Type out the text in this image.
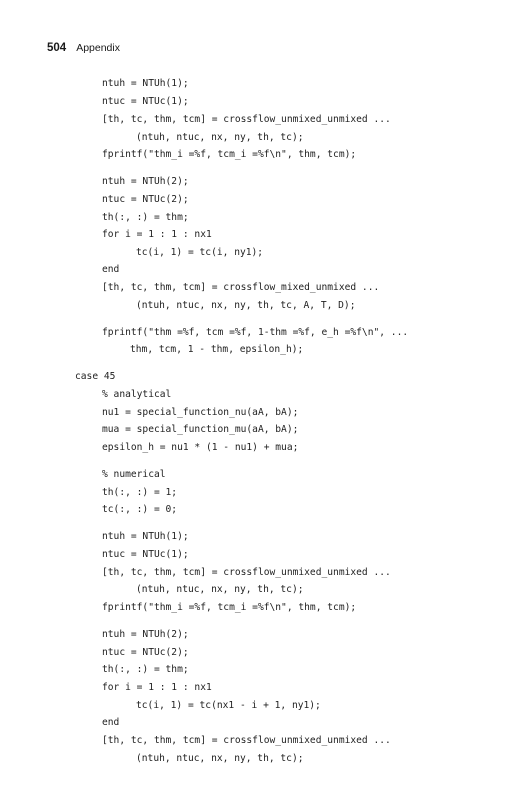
504 Appendix
ntuh = NTUh(1);
ntuc = NTUc(1);
[th, tc, thm, tcm] = crossflow_unmixed_unmixed ...
(ntuh, ntuc, nx, ny, th, tc);
fprintf("thm_i =%f, tcm_i =%f\n", thm, tcm);
ntuh = NTUh(2);
ntuc = NTUc(2);
th(:, :) = thm;
for i = 1 : 1 : nx1
tc(i, 1) = tc(i, ny1);
end
[th, tc, thm, tcm] = crossflow_mixed_unmixed ...
(ntuh, ntuc, nx, ny, th, tc, A, T, D);
fprintf("thm =%f, tcm =%f, 1-thm =%f, e_h =%f\n", ...
thm, tcm, 1 - thm, epsilon_h);
case 45
% analytical
nu1 = special_function_nu(aA, bA);
mua = special_function_mu(aA, bA);
epsilon_h = nu1 * (1 - nu1) + mua;
% numerical
th(:, :) = 1;
tc(:, :) = 0;
ntuh = NTUh(1);
ntuc = NTUc(1);
[th, tc, thm, tcm] = crossflow_unmixed_unmixed ...
(ntuh, ntuc, nx, ny, th, tc);
fprintf("thm_i =%f, tcm_i =%f\n", thm, tcm);
ntuh = NTUh(2);
ntuc = NTUc(2);
th(:, :) = thm;
for i = 1 : 1 : nx1
tc(i, 1) = tc(nx1 - i + 1, ny1);
end
[th, tc, thm, tcm] = crossflow_unmixed_unmixed ...
(ntuh, ntuc, nx, ny, th, tc);
